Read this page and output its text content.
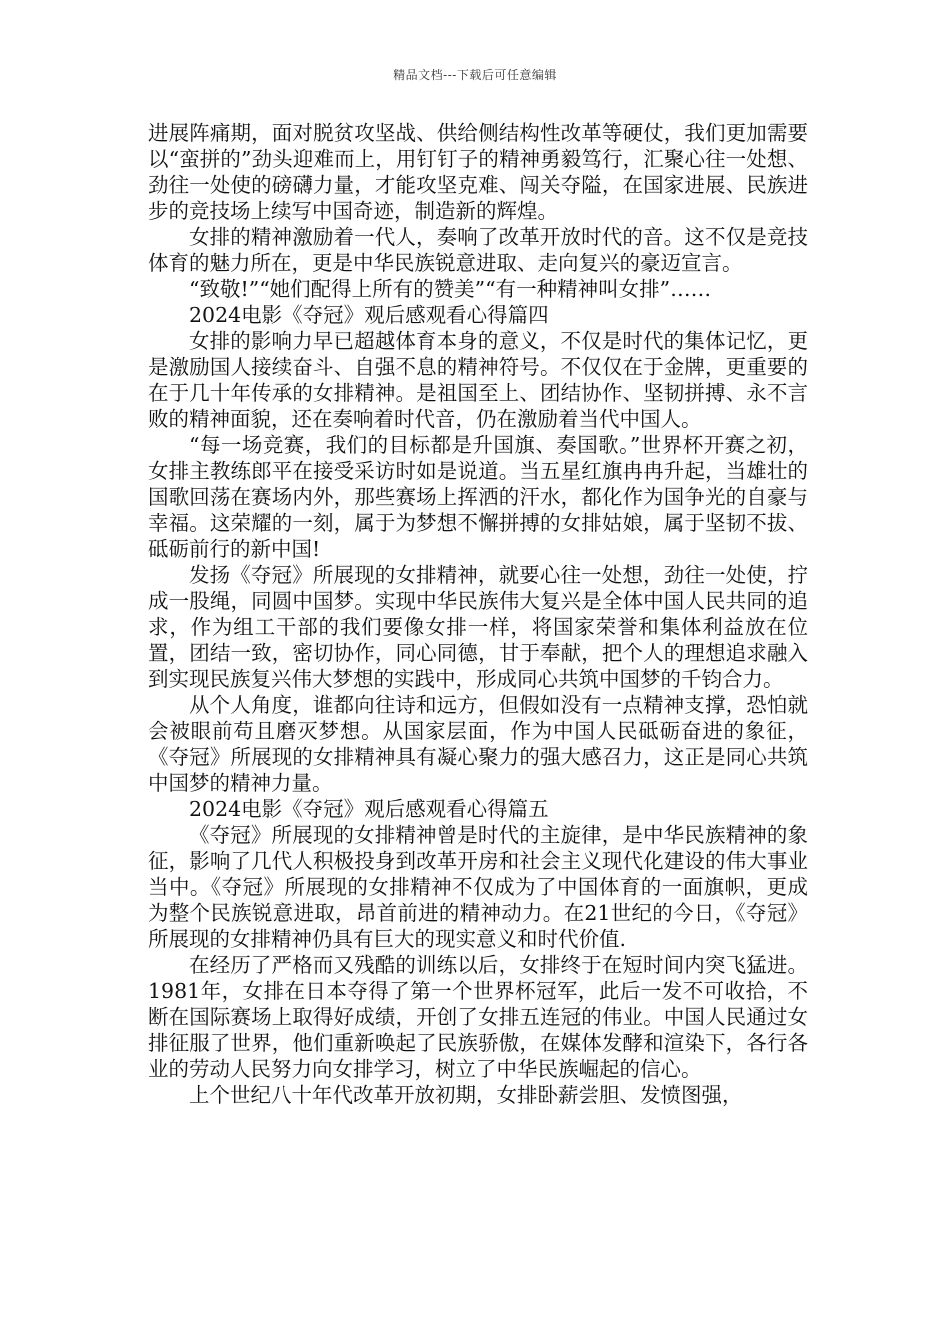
精品文档---下载后可任意编辑

进展阵痛期，面对脱贫攻坚战、供给侧结构性改革等硬仗，我们更加需要以“蛮拼的”劲头迎难而上，用钉钉子的精神勇毅笃行，汇聚心往一处想、劲往一处使的磅礴力量，才能攻坚克难、闯关夺隘，在国家进展、民族进步的竞技场上续写中国奇迹，制造新的辉煌。

女排的精神激励着一代人，奏响了改革开放时代的音。这不仅是竞技体育的魅力所在，更是中华民族锐意进取、走向复兴的豪迈宣言。

“致敬!”“她们配得上所有的赞美”“有一种精神叫女排”……

2024电影《夺冠》观后感观看心得篇四

女排的影响力早已超越体育本身的意义，不仅是时代的集体记忆，更是激励国人接续奋斗、自强不息的精神符号。不仅仅在于金牌，更重要的在于几十年传承的女排精神。是祖国至上、团结协作、坚韧拼搏、永不言败的精神面貌，还在奏响着时代音，仍在激励着当代中国人。

“每一场竞赛，我们的目标都是升国旗、奏国歌。”世界杯开赛之初，女排主教练郎平在接受采访时如是说道。当五星红旗冉冉升起，当雄壮的国歌回荡在赛场内外，那些赛场上挥洒的汗水，都化作为国争光的自豪与幸福。这荣耀的一刻，属于为梦想不懈拼搏的女排姑娘，属于坚韧不拔、砥砺前行的新中国!

发扬《夺冠》所展现的女排精神，就要心往一处想，劲往一处使，拧成一股绳，同圆中国梦。实现中华民族伟大复兴是全体中国人民共同的追求，作为组工干部的我们要像女排一样，将国家荣誉和集体利益放在位置，团结一致，密切协作，同心同德，甘于奉献，把个人的理想追求融入到实现民族复兴伟大梦想的实践中，形成同心共筑中国梦的千钧合力。

从个人角度，谁都向往诗和远方，但假如没有一点精神支撑，恐怕就会被眼前苟且磨灭梦想。从国家层面，作为中国人民砥砺奋进的象征，《夺冠》所展现的女排精神具有凝心聚力的强大感召力，这正是同心共筑中国梦的精神力量。

2024电影《夺冠》观后感观看心得篇五

《夺冠》所展现的女排精神曾是时代的主旋律，是中华民族精神的象征，影响了几代人积极投身到改革开房和社会主义现代化建设的伟大事业当中。《夺冠》所展现的女排精神不仅成为了中国体育的一面旗帜，更成为整个民族锐意进取，昂首前进的精神动力。在21世纪的今日，《夺冠》所展现的女排精神仍具有巨大的现实意义和时代价值.

在经历了严格而又残酷的训练以后，女排终于在短时间内突飞猛进。1981年，女排在日本夺得了第一个世界杯冠军，此后一发不可收拾，不断在国际赛场上取得好成绩，开创了女排五连冠的伟业。中国人民通过女排征服了世界，他们重新唤起了民族骄傲，在媒体发酵和渲染下，各行各业的劳动人民努力向女排学习，树立了中华民族崛起的信心。

上个世纪八十年代改革开放初期，女排卧薪尝胆、发愤图强，
